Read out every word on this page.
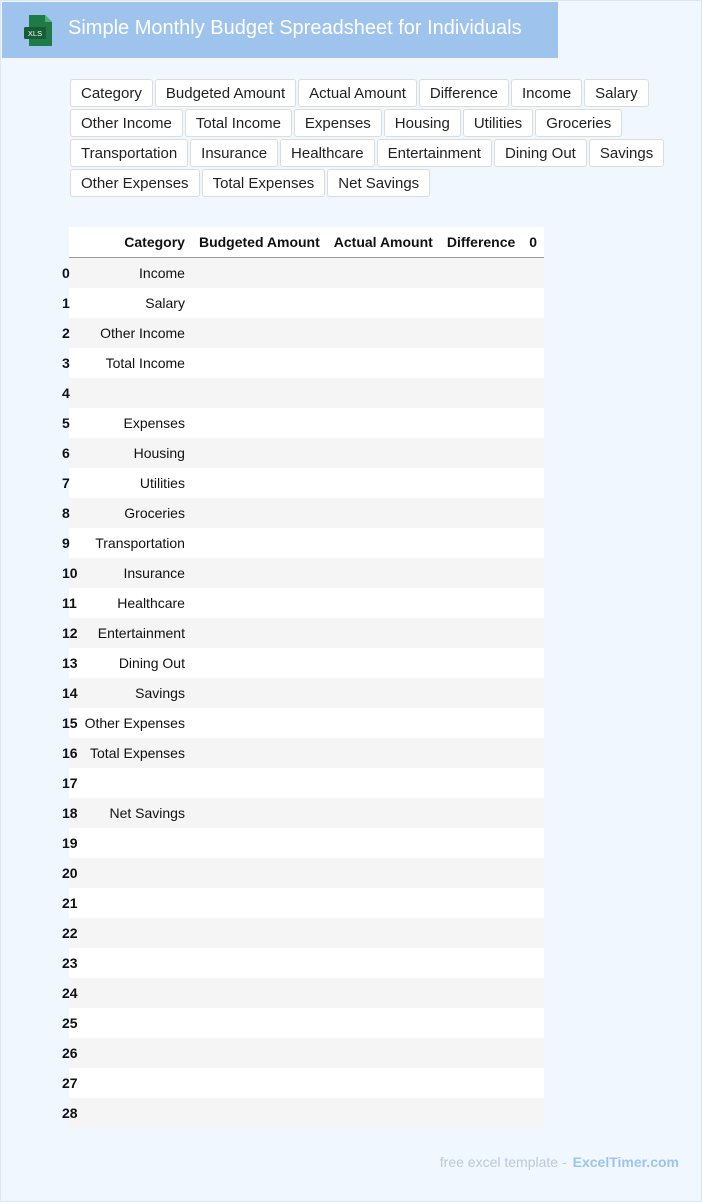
XLS Simple Monthly Budget Spreadsheet for Individuals
Category	Budgeted Amount	Actual Amount	Difference	Income	Salary
Other Income	Total Income	Expenses	Housing	Utilities	Groceries
Transportation	Insurance	Healthcare	Entertainment	Dining Out	Savings
Other Expenses	Total Expenses	Net Savings
	Category	Budgeted Amount	Actual Amount	Difference	0
0	Income				
1	Salary				
2	Other Income				
3	Total Income				
4					
5	Expenses				
6	Housing				
7	Utilities				
8	Groceries				
9	Transportation				
10	Insurance				
11	Healthcare				
12	Entertainment				
13	Dining Out				
14	Savings				
15	Other Expenses				
16	Total Expenses				
17					
18	Net Savings				
19					
20					
21					
22					
23					
24					
25					
26					
27					
28					
free excel template - ExcelTimer.com
